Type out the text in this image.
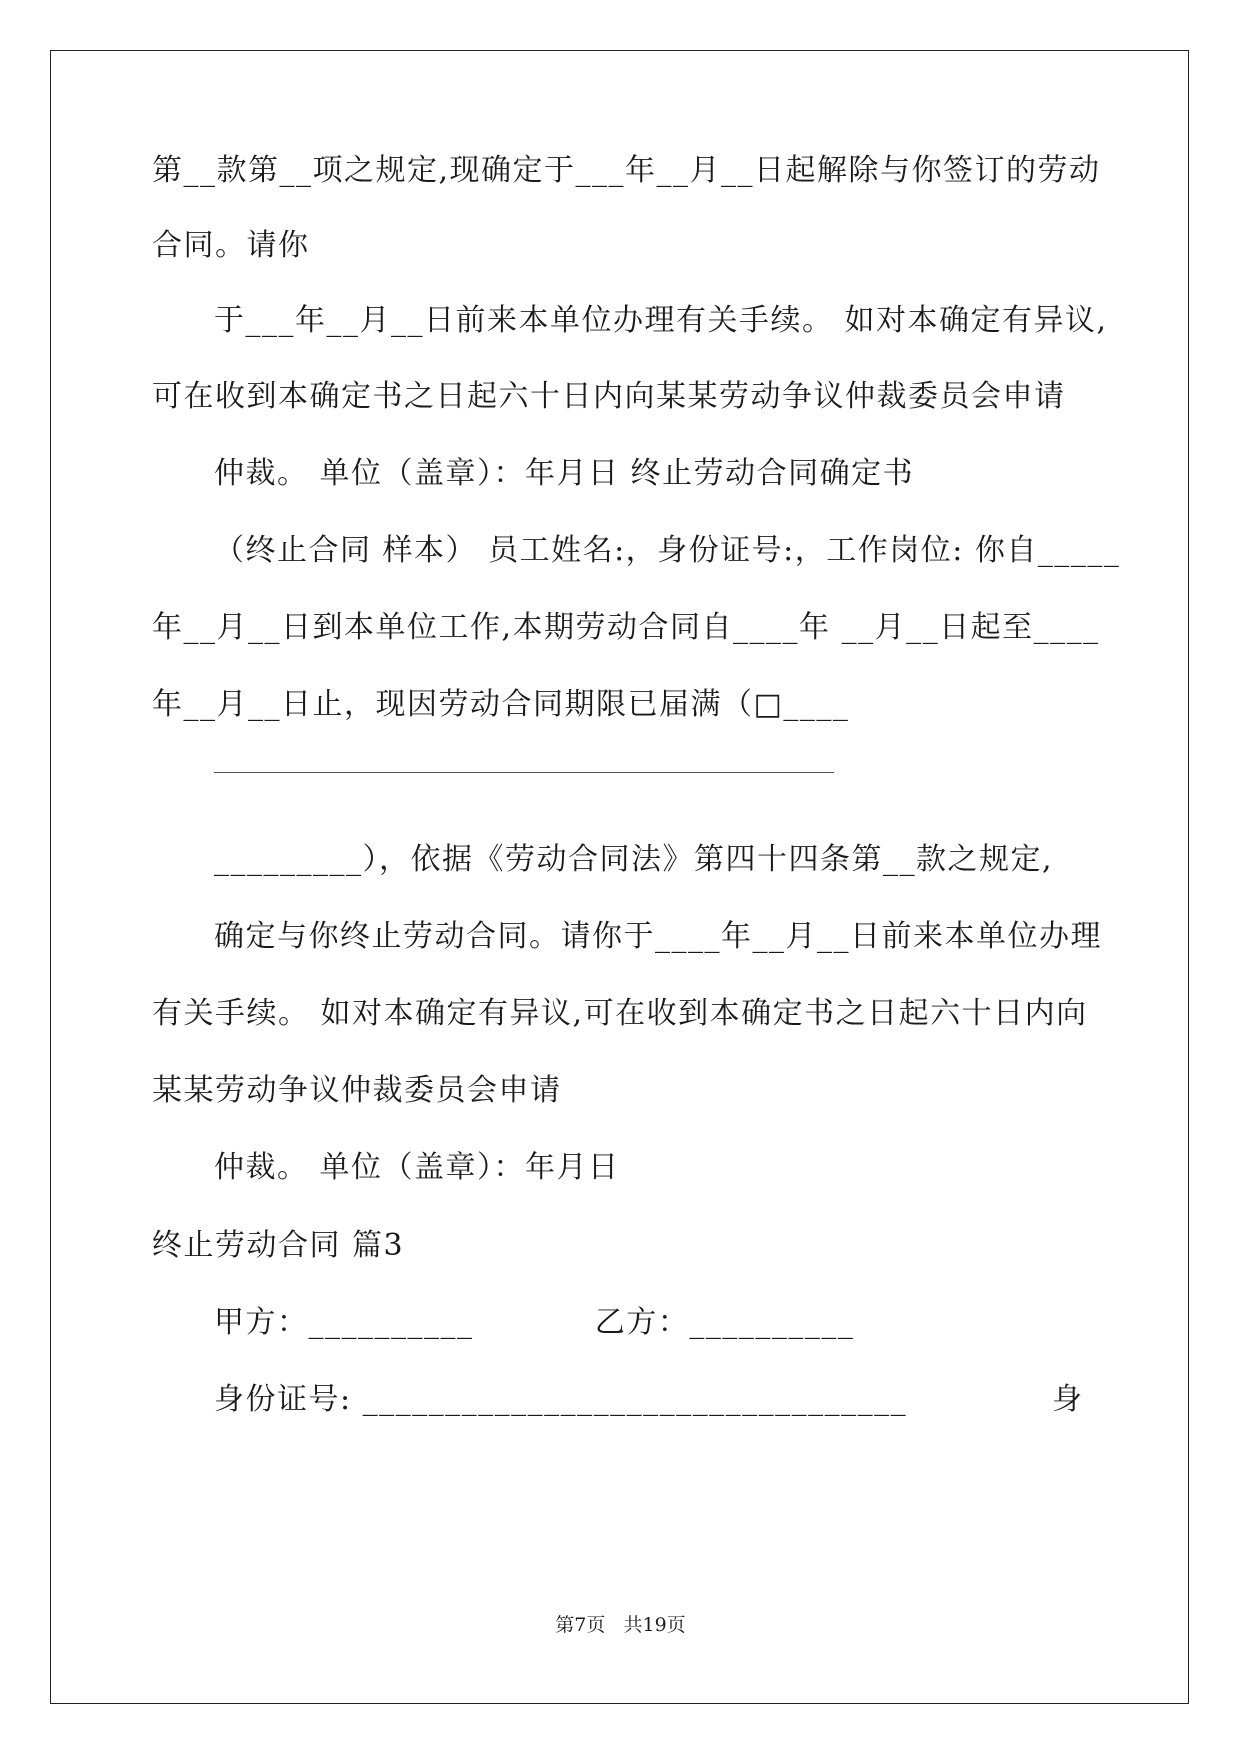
第__款第__项之规定,现确定于___年__月__日起解除与你签订的劳动
合同。请你
于___年__月__日前来本单位办理有关手续。 如对本确定有异议,
可在收到本确定书之日起六十日内向某某劳动争议仲裁委员会申请
仲裁。 单位（盖章）：年月日 终止劳动合同确定书
（终止合同 样本） 员工姓名:，身份证号:，工作岗位: 你自_____
年__月__日到本单位工作,本期劳动合同自____年 __月__日起至____
年__月__日止，现因劳动合同期限已届满（□____
_________），依据《劳动合同法》第四十四条第__款之规定,
确定与你终止劳动合同。请你于____年__月__日前来本单位办理
有关手续。 如对本确定有异议,可在收到本确定书之日起六十日内向
某某劳动争议仲裁委员会申请
仲裁。 单位（盖章）：年月日
终止劳动合同 篇3
甲方：__________           乙方：__________
身份证号: _________________________________	身
第7页   共19页
